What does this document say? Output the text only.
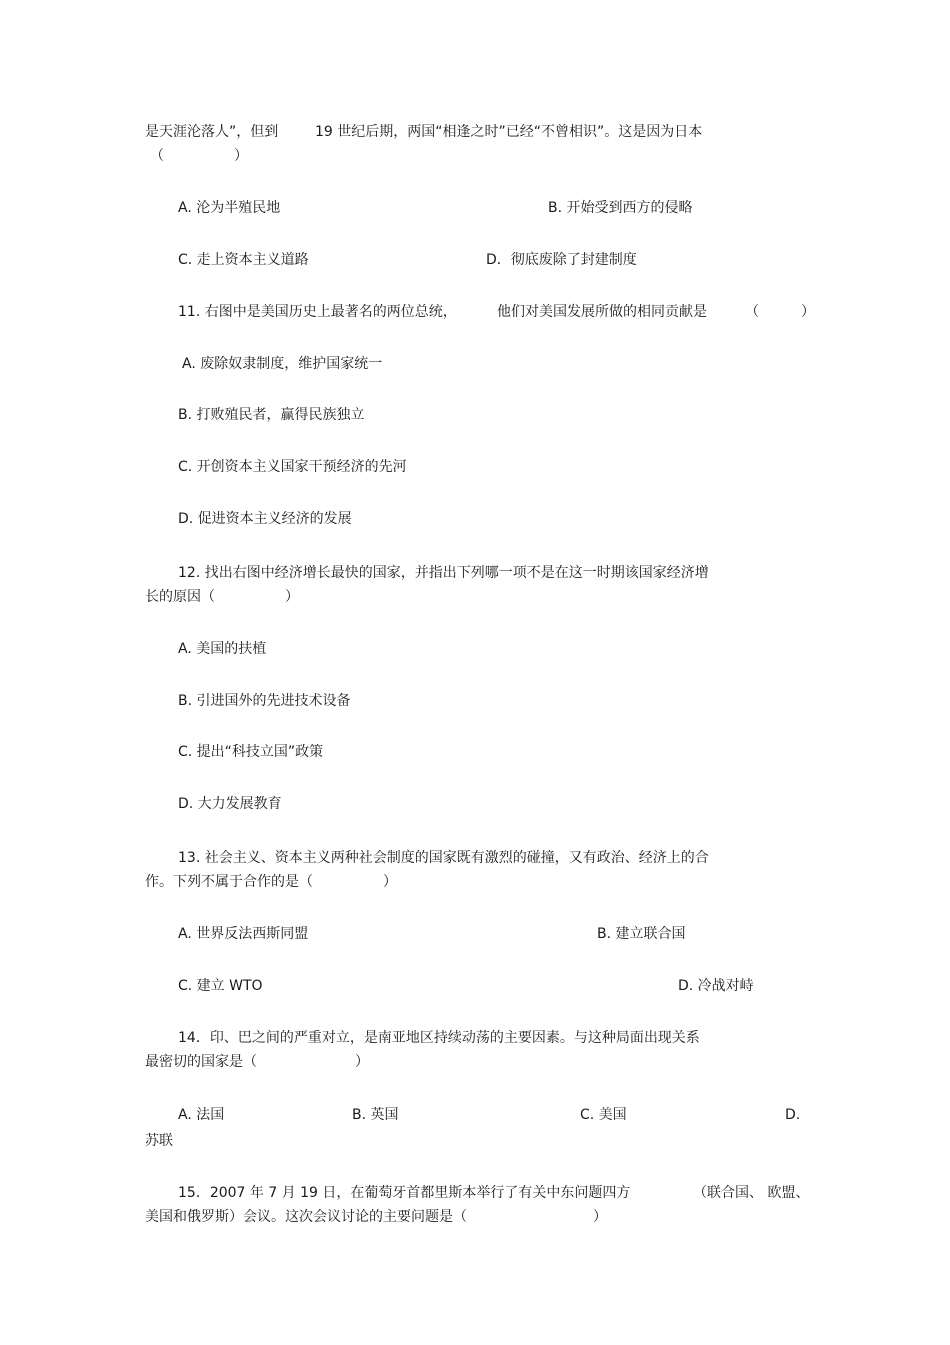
是天涯沦落人”，但到	19 世纪后期，两国“相逢之时”已经“不曾相识”。这是因为日本
（　　　　　）
A. 沦为半殖民地	B. 开始受到西方的侵略
C. 走上资本主义道路	D．彻底废除了封建制度
11. 右图中是美国历史上最著名的两位总统，	他们对美国发展所做的相同贡献是	（　　　）
A. 废除奴隶制度，维护国家统一
B. 打败殖民者，赢得民族独立
C. 开创资本主义国家干预经济的先河
D. 促进资本主义经济的发展
12. 找出右图中经济增长最快的国家，并指出下列哪一项不是在这一时期该国家经济增
长的原因（　　　　　）
A. 美国的扶植
B. 引进国外的先进技术设备
C. 提出“科技立国”政策
D. 大力发展教育
13. 社会主义、资本主义两种社会制度的国家既有激烈的碰撞，又有政治、经济上的合
作。下列不属于合作的是（　　　　　）
A. 世界反法西斯同盟	B. 建立联合国
C. 建立 WTO	D. 冷战对峙
14．印、巴之间的严重对立，是南亚地区持续动荡的主要因素。与这种局面出现关系
最密切的国家是（　　　　　　　）
A. 法国	B. 英国	C. 美国	D.
苏联
15．2007 年 7 月 19 日，在葡萄牙首都里斯本举行了有关中东问题四方	（联合国、 欧盟、
美国和俄罗斯）会议。这次会议讨论的主要问题是（　　　　　　　　　）
